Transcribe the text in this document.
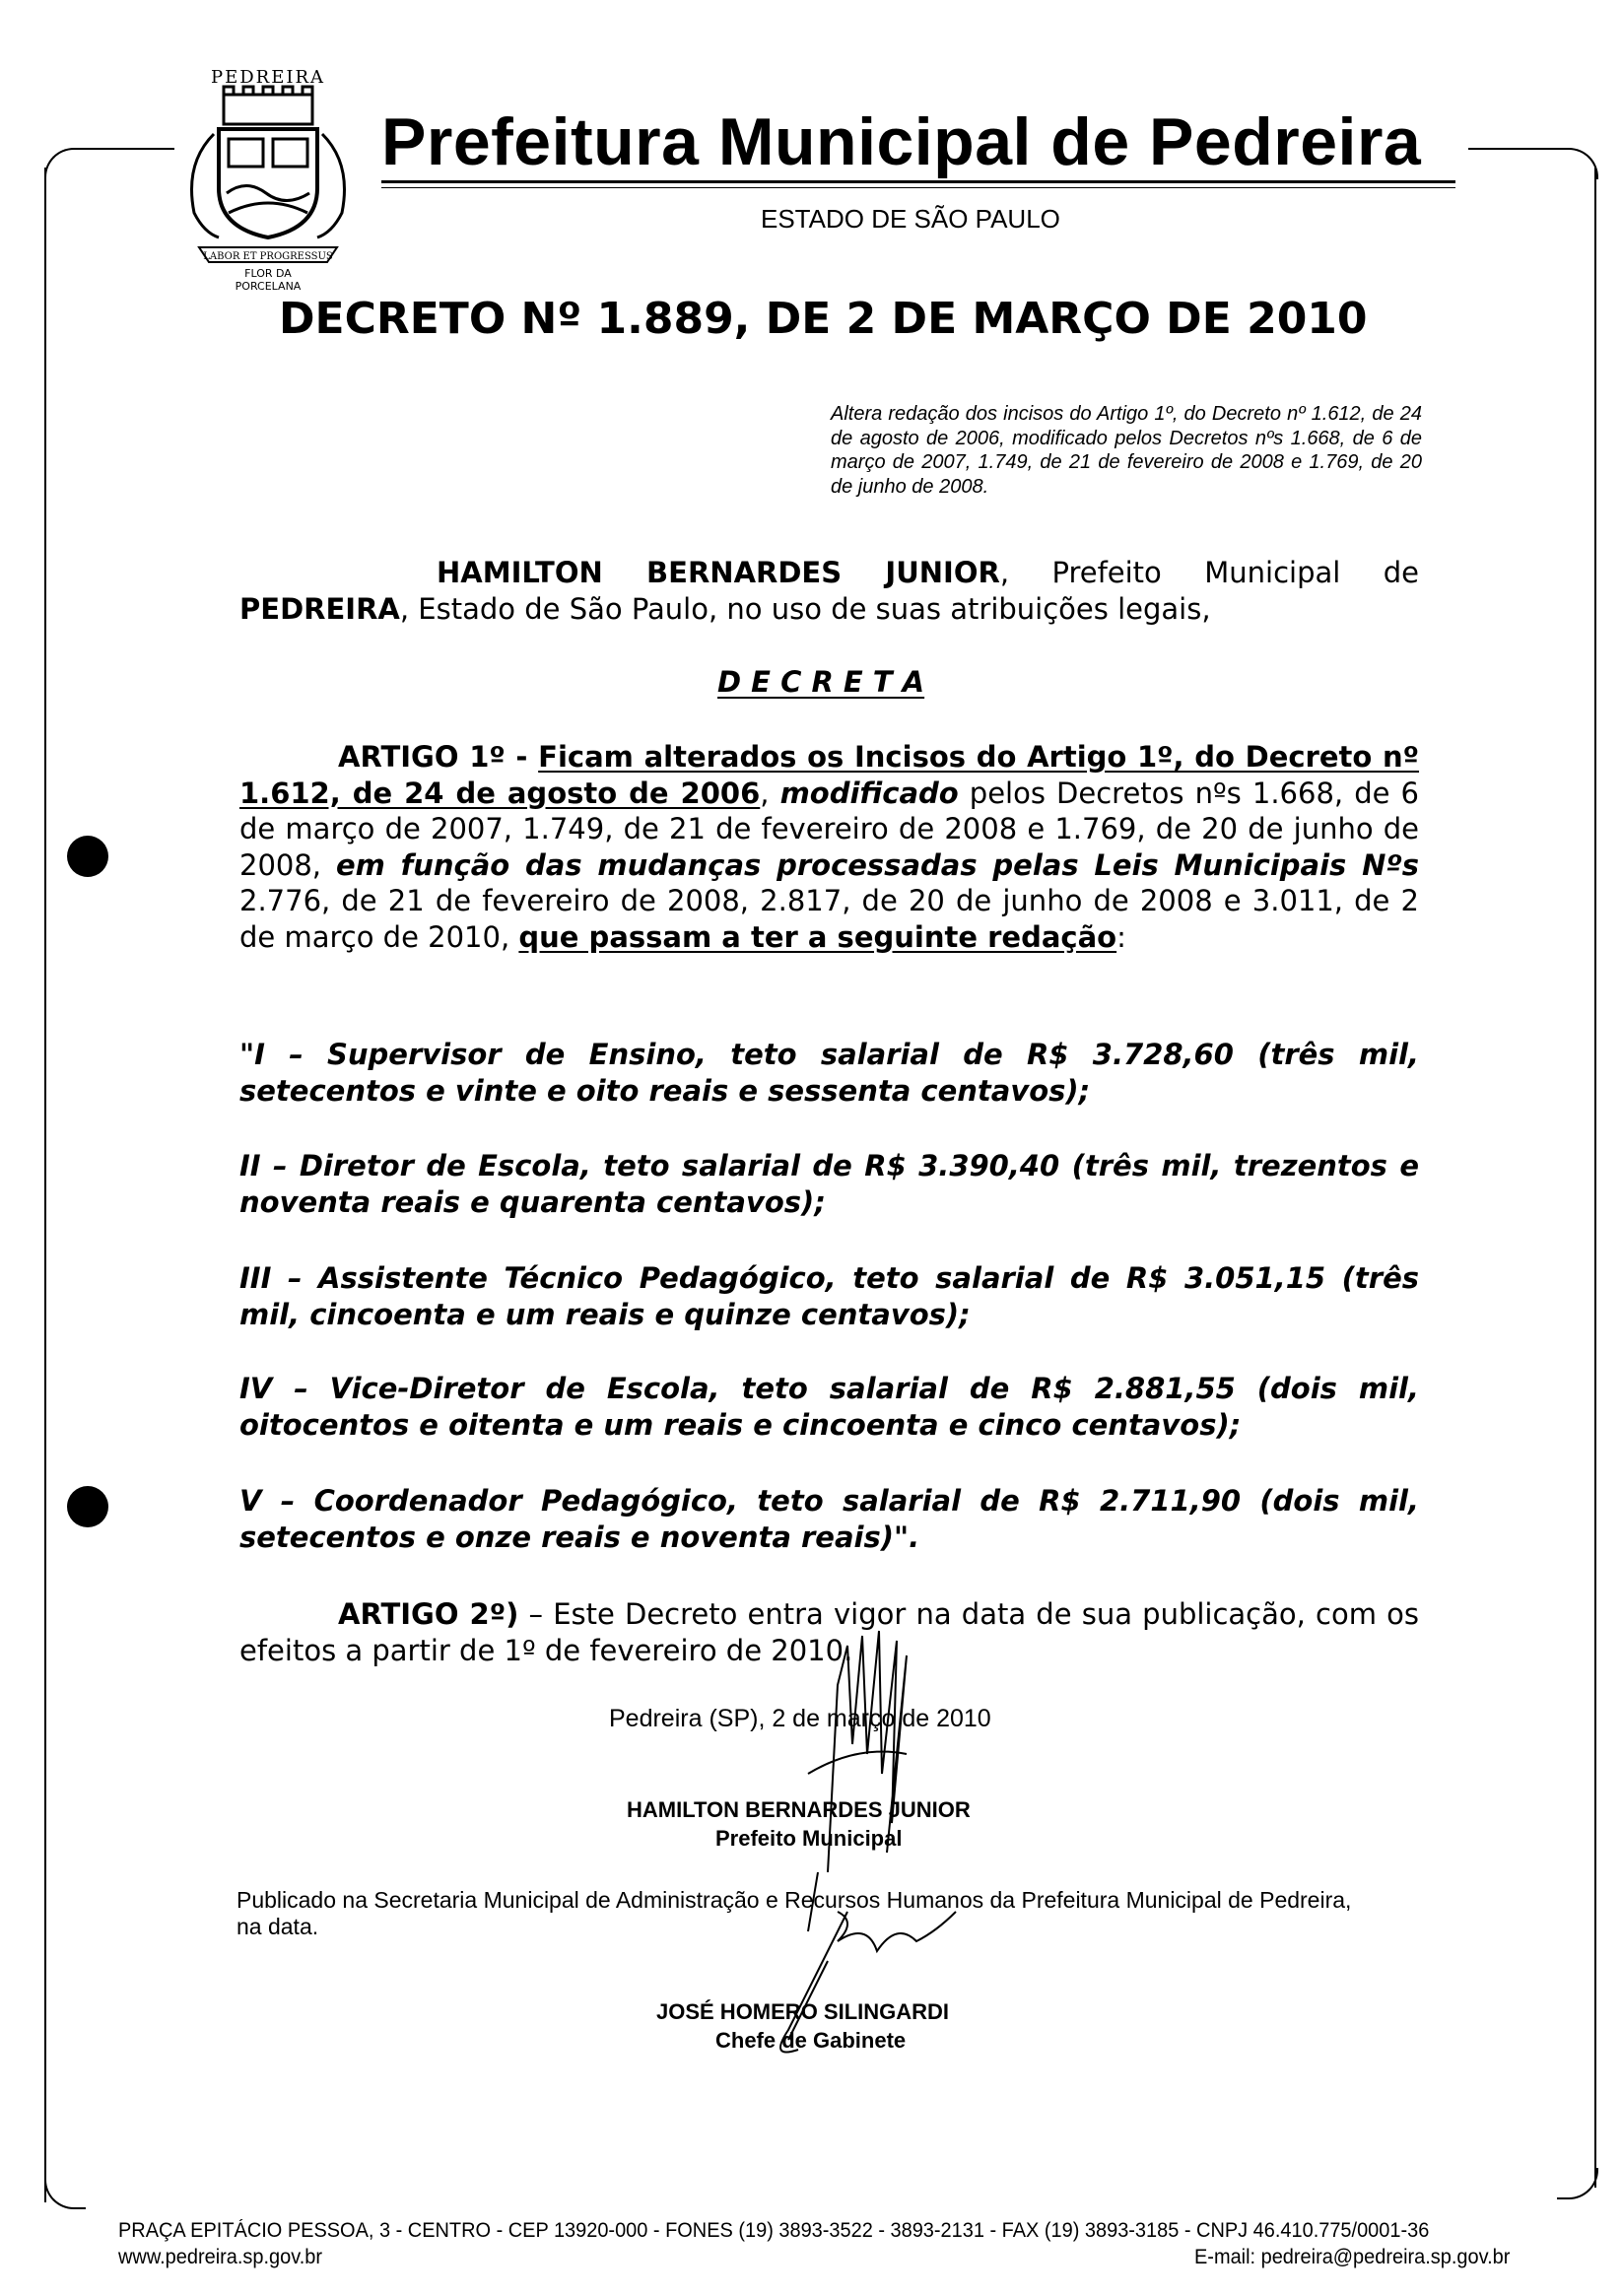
PEDREIRA
LABOR ET PROGRESSUS
FLOR DA
PORCELANA
Prefeitura Municipal de Pedreira
ESTADO DE SÃO PAULO
DECRETO Nº 1.889, DE 2 DE MARÇO DE 2010
Altera redação dos incisos do Artigo 1º, do Decreto nº 1.612, de 24 de agosto de 2006, modificado pelos Decretos nºs 1.668, de 6 de março de 2007, 1.749, de 21 de fevereiro de 2008 e 1.769, de 20 de junho de 2008.
HAMILTON BERNARDES JUNIOR, Prefeito Municipal de PEDREIRA, Estado de São Paulo, no uso de suas atribuições legais,
D E C R E T A
ARTIGO 1º - Ficam alterados os Incisos do Artigo 1º, do Decreto nº 1.612, de 24 de agosto de 2006, modificado pelos Decretos nºs 1.668, de 6 de março de 2007, 1.749, de 21 de fevereiro de 2008 e 1.769, de 20 de junho de 2008, em função das mudanças processadas pelas Leis Municipais Nºs 2.776, de 21 de fevereiro de 2008, 2.817, de 20 de junho de 2008 e 3.011, de 2 de março de 2010, que passam a ter a seguinte redação:
"I – Supervisor de Ensino, teto salarial de R$ 3.728,60 (três mil, setecentos e vinte e oito reais e sessenta centavos);
II – Diretor de Escola, teto salarial de R$ 3.390,40 (três mil, trezentos e noventa reais e quarenta centavos);
III – Assistente Técnico Pedagógico, teto salarial de R$ 3.051,15 (três mil, cincoenta e um reais e quinze centavos);
IV – Vice-Diretor de Escola, teto salarial de R$ 2.881,55 (dois mil, oitocentos e oitenta e um reais e cincoenta e cinco centavos);
V – Coordenador Pedagógico, teto salarial de R$ 2.711,90 (dois mil, setecentos e onze reais e noventa reais)".
ARTIGO 2º) – Este Decreto entra vigor na data de sua publicação, com os efeitos a partir de 1º de fevereiro de 2010.
Pedreira (SP), 2 de março de 2010
HAMILTON BERNARDES JUNIOR
Prefeito Municipal
Publicado na Secretaria Municipal de Administração e Recursos Humanos da Prefeitura Municipal de Pedreira, na data.
JOSÉ HOMERO SILINGARDI
Chefe de Gabinete
PRAÇA EPITÁCIO PESSOA, 3 - CENTRO - CEP 13920-000 - FONES (19) 3893-3522 - 3893-2131 - FAX (19) 3893-3185 - CNPJ 46.410.775/0001-36
www.pedreira.sp.gov.br	E-mail: pedreira@pedreira.sp.gov.br
